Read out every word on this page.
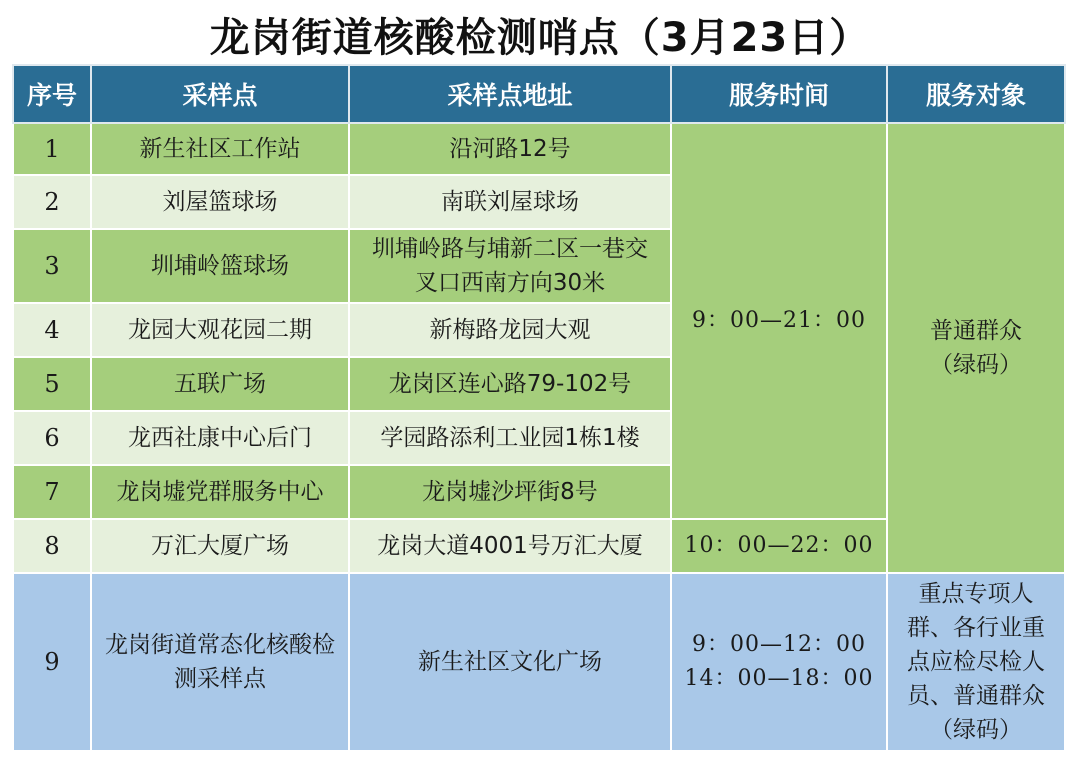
龙岗街道核酸检测哨点（3月23日）
序号	采样点	采样点地址	服务时间	服务对象
1	新生社区工作站	沿河路12号	9：00—21：00	普通群众
（绿码）

2	刘屋篮球场	南联刘屋球场		
3	圳埔岭篮球场	圳埔岭路与埔新二区一巷交
叉口西南方向30米		

4	龙园大观花园二期	新梅路龙园大观		
5	五联广场	龙岗区连心路79-102号		
6	龙西社康中心后门	学园路添利工业园1栋1楼		
7	龙岗墟党群服务中心	龙岗墟沙坪街8号		
8	万汇大厦广场	龙岗大道4001号万汇大厦	10：00—22：00	
9	龙岗街道常态化核酸检
测采样点	新生社区文化广场	9：00—12：00
14：00—18：00	重点专项人
群、各行业重
点应检尽检人
员、普通群众
（绿码）
